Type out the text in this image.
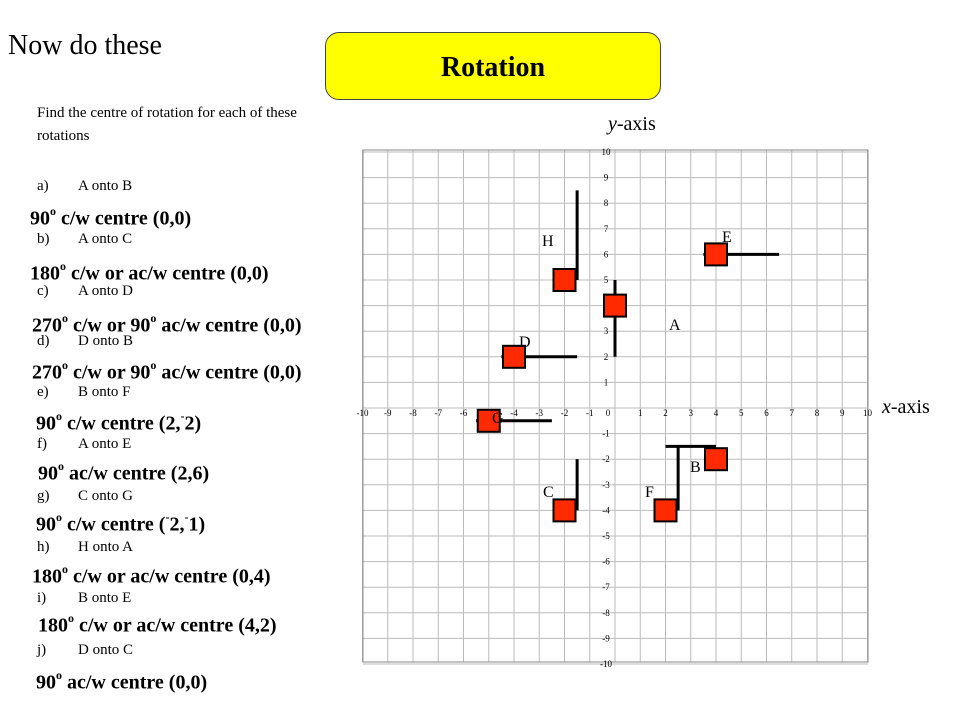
Now do these
Rotation
Find the centre of rotation for each of these rotations
y-axis
x-axis
a) A onto B
b) A onto C
c) A onto D
d) D onto B
e) B onto F
f) A onto E
g) C onto G
h) H onto A
i) B onto E
j) D onto C
90$^o$ c/w centre (0,0)
180$^o$ c/w or ac/w centre (0,0)
270$^o$ c/w or 90$^o$ ac/w centre (0,0)
270$^o$ c/w or 90$^o$ ac/w centre (0,0)
90$^o$ c/w centre (2,-2)
90$^o$ ac/w centre (2,6)
90$^o$ c/w centre (-2,-1)
180$^o$ c/w or ac/w centre (0,4)
180$^o$ c/w or ac/w centre (4,2)
90$^o$ ac/w centre (0,0)
-10
-10
-9
-9
-8
-8
-7
-7
-6
-6
-5
-4
-4
-3
-3
-2
-2
-1
-1
1
1
2
2
3
3
4 5
5
6
6
7
7
8
8
9
9
10
10
0
A
B
C
D
E
F
G
H
